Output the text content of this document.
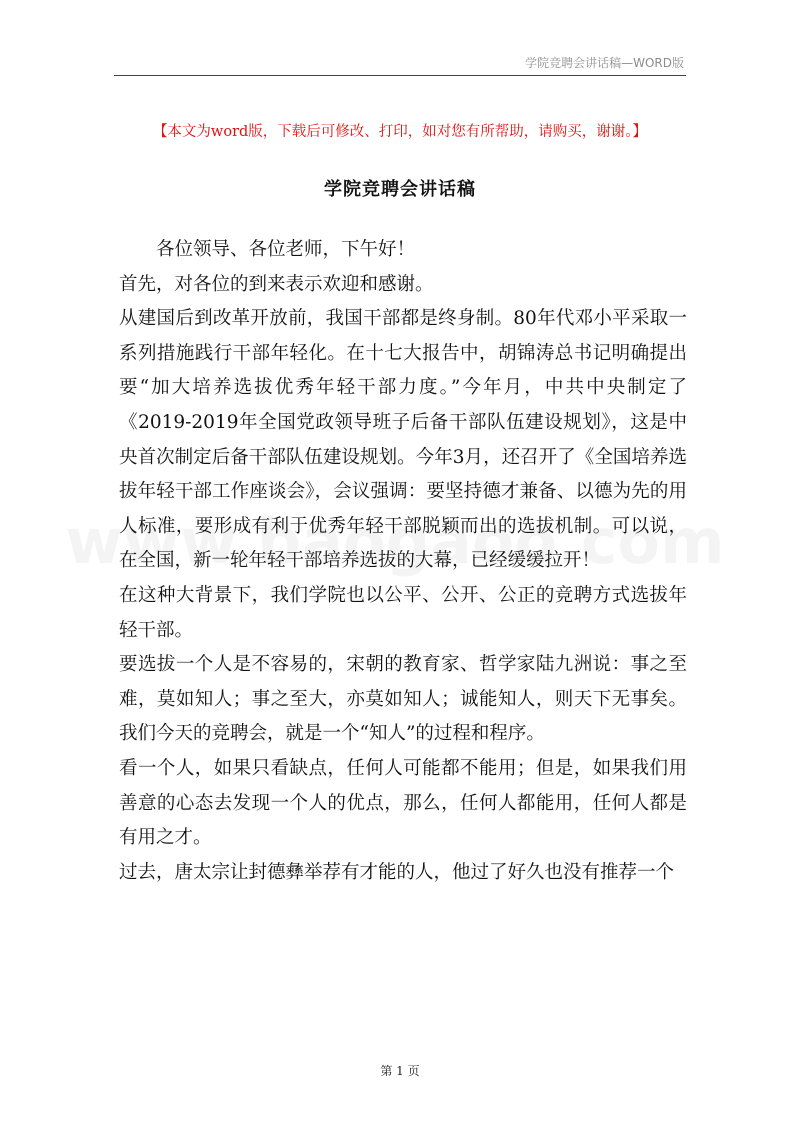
学院竞聘会讲话稿—WORD版
【本文为word版，下载后可修改、打印，如对您有所帮助，请购买，谢谢。】
学院竞聘会讲话稿

各位领导、各位老师，下午好！

首先，对各位的到来表示欢迎和感谢。

从建国后到改革开放前，我国干部都是终身制。80年代邓小平采取一系列措施践行干部年轻化。在十七大报告中，胡锦涛总书记明确提出要“加大培养选拔优秀年轻干部力度。”今年月，中共中央制定了《2019-2019年全国党政领导班子后备干部队伍建设规划》，这是中央首次制定后备干部队伍建设规划。今年3月，还召开了《全国培养选拔年轻干部工作座谈会》，会议强调：要坚持德才兼备、以德为先的用人标准，要形成有利于优秀年轻干部脱颖而出的选拔机制。可以说，在全国，新一轮年轻干部培养选拔的大幕，已经缓缓拉开！

在这种大背景下，我们学院也以公平、公开、公正的竞聘方式选拔年轻干部。

要选拔一个人是不容易的，宋朝的教育家、哲学家陆九洲说：事之至难，莫如知人；事之至大，亦莫如知人；诚能知人，则天下无事矣。我们今天的竞聘会，就是一个“知人”的过程和程序。

看一个人，如果只看缺点，任何人可能都不能用；但是，如果我们用善意的心态去发现一个人的优点，那么，任何人都能用，任何人都是有用之才。

过去，唐太宗让封德彝举荐有才能的人，他过了好久也没有推荐一个

第 1 页
